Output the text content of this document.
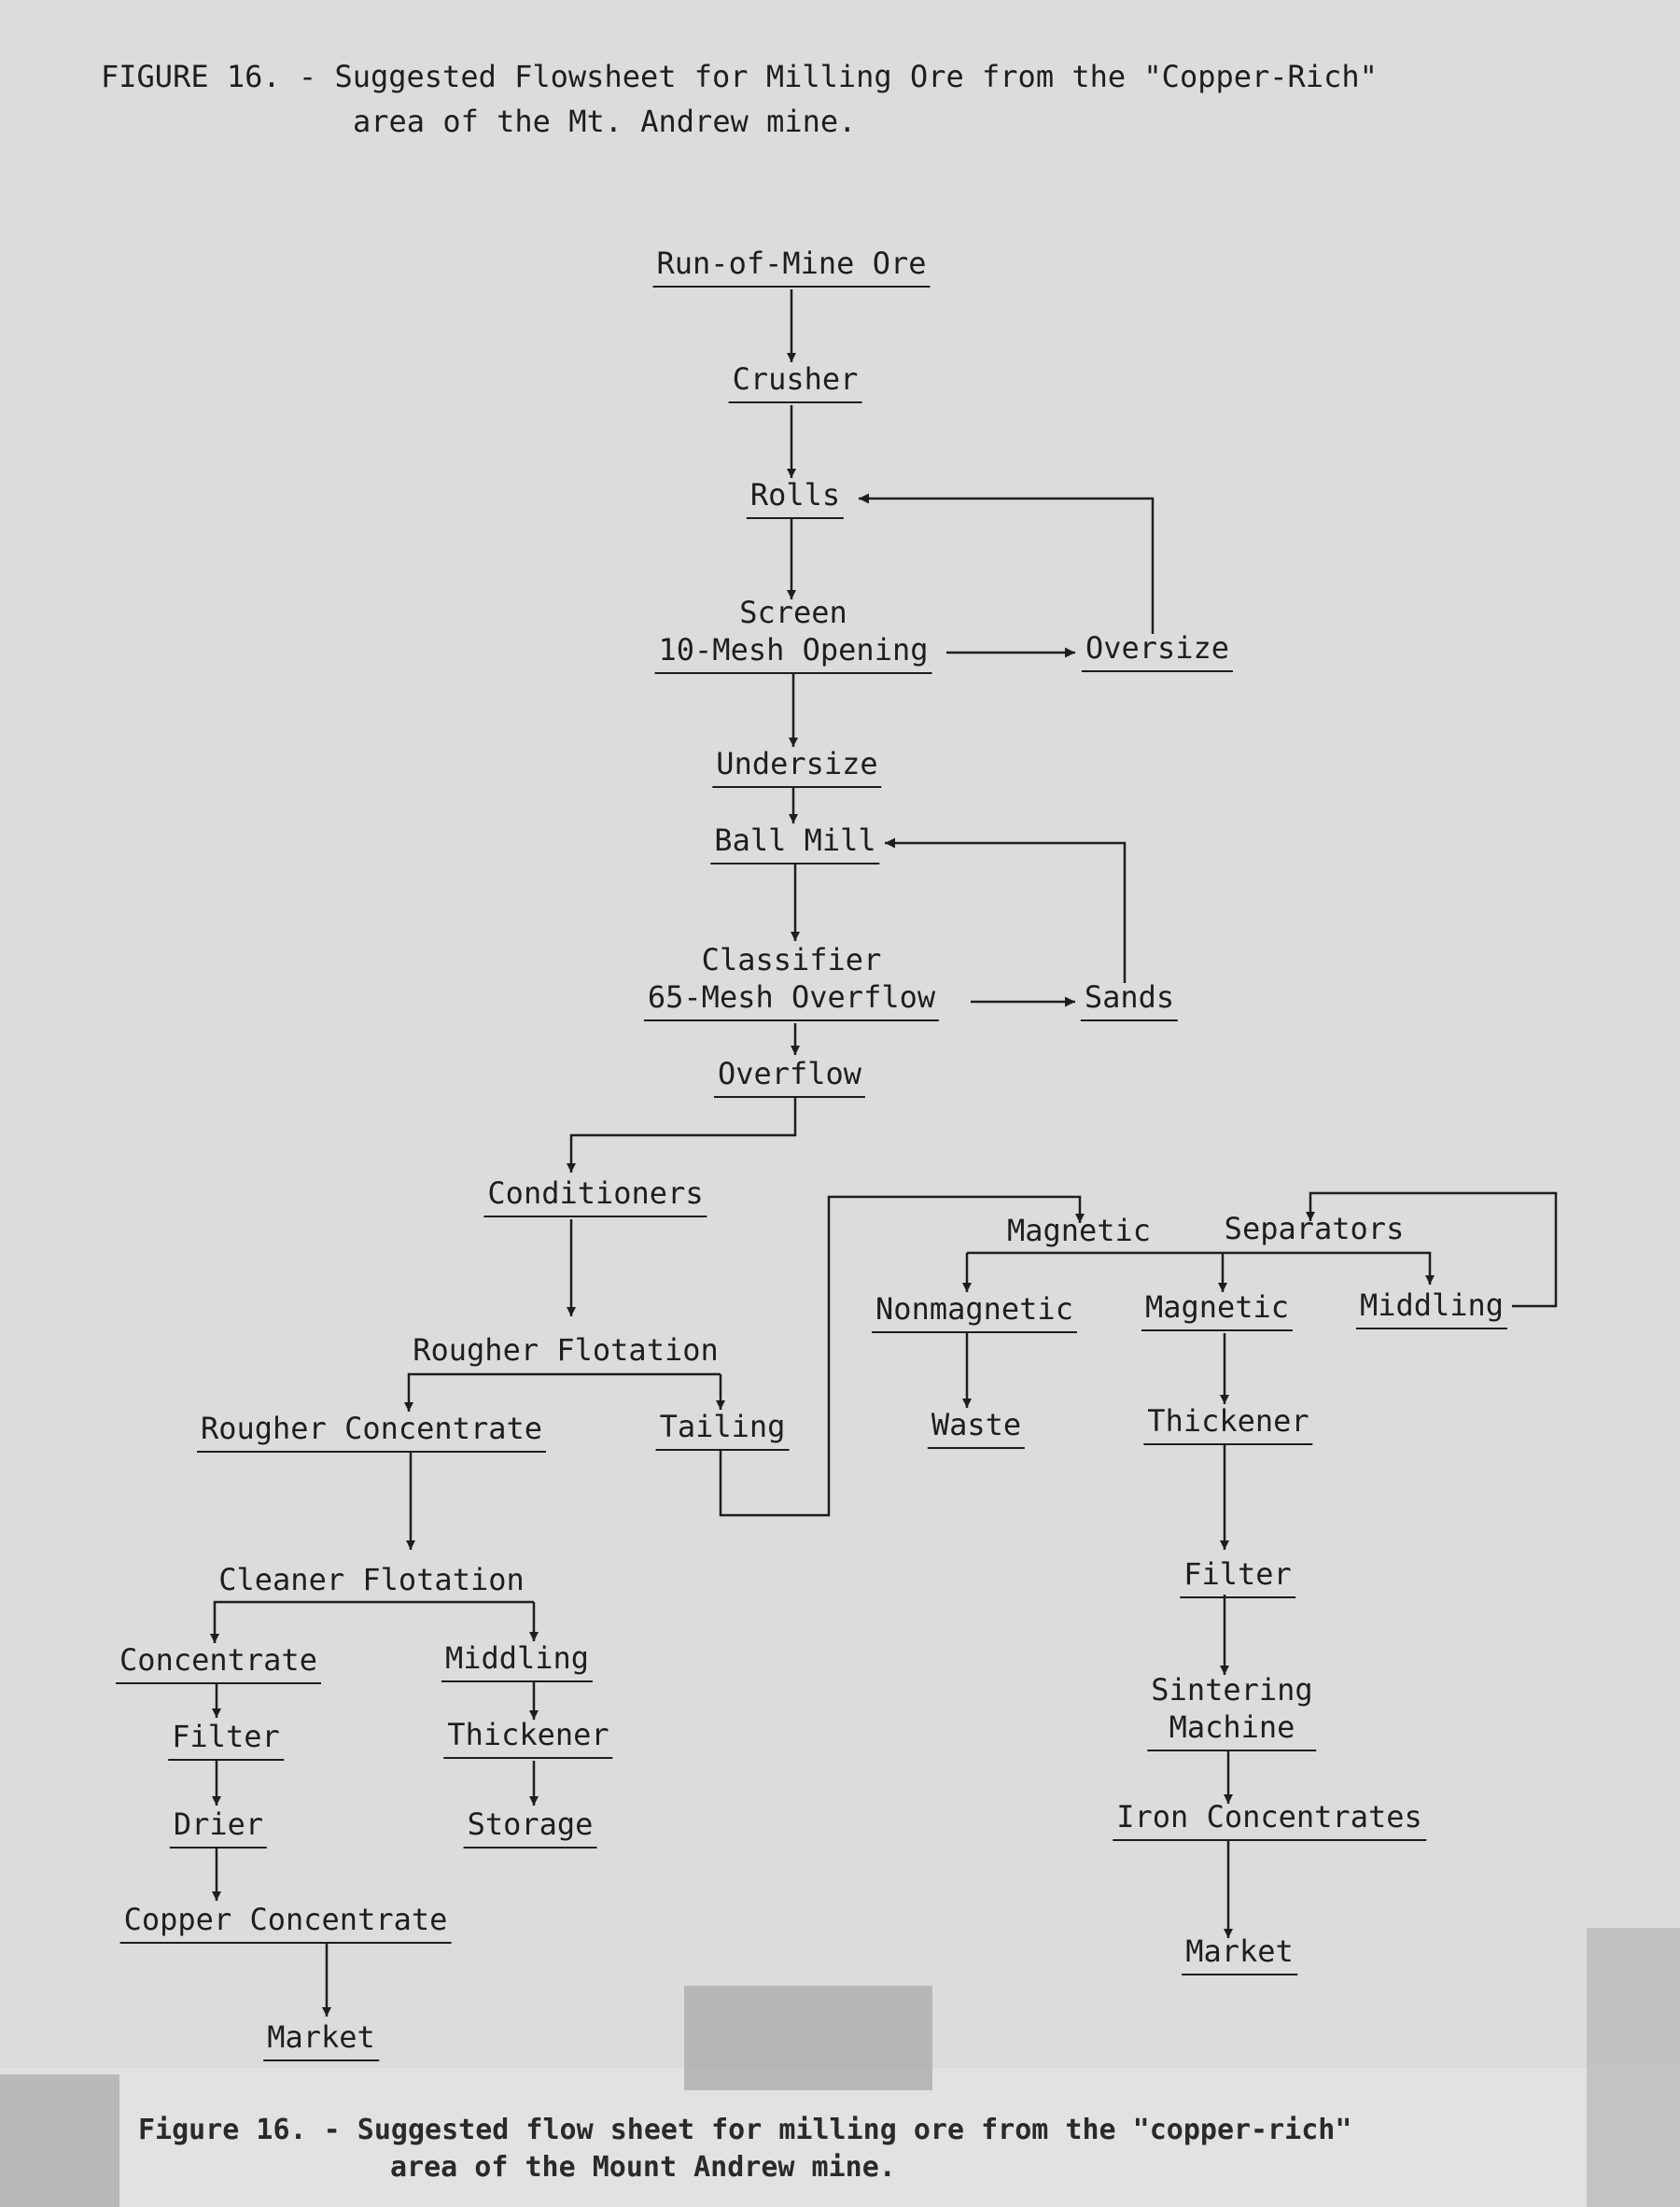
FIGURE 16. - Suggested Flowsheet for Milling Ore from the "Copper-Rich"
area of the Mt. Andrew mine.
Run-of-Mine Ore
Crusher
Rolls
Screen
10-Mesh Opening	Oversize
Undersize
Ball Mill
Classifier
65-Mesh Overflow	Sands
Overflow
Conditioners
Rougher Flotation
Rougher Concentrate	Tailing
Cleaner Flotation
Concentrate	Middling
Filter
Drier
Copper Concentrate
Market
Thickener
Storage
Magnetic Separators
Nonmagnetic Magnetic Middling
Waste	Thickener
Filter
Sintering
Machine
Iron Concentrates
Market
Figure 16. - Suggested flow sheet for milling ore from the "copper-rich"
area of the Mount Andrew mine.
